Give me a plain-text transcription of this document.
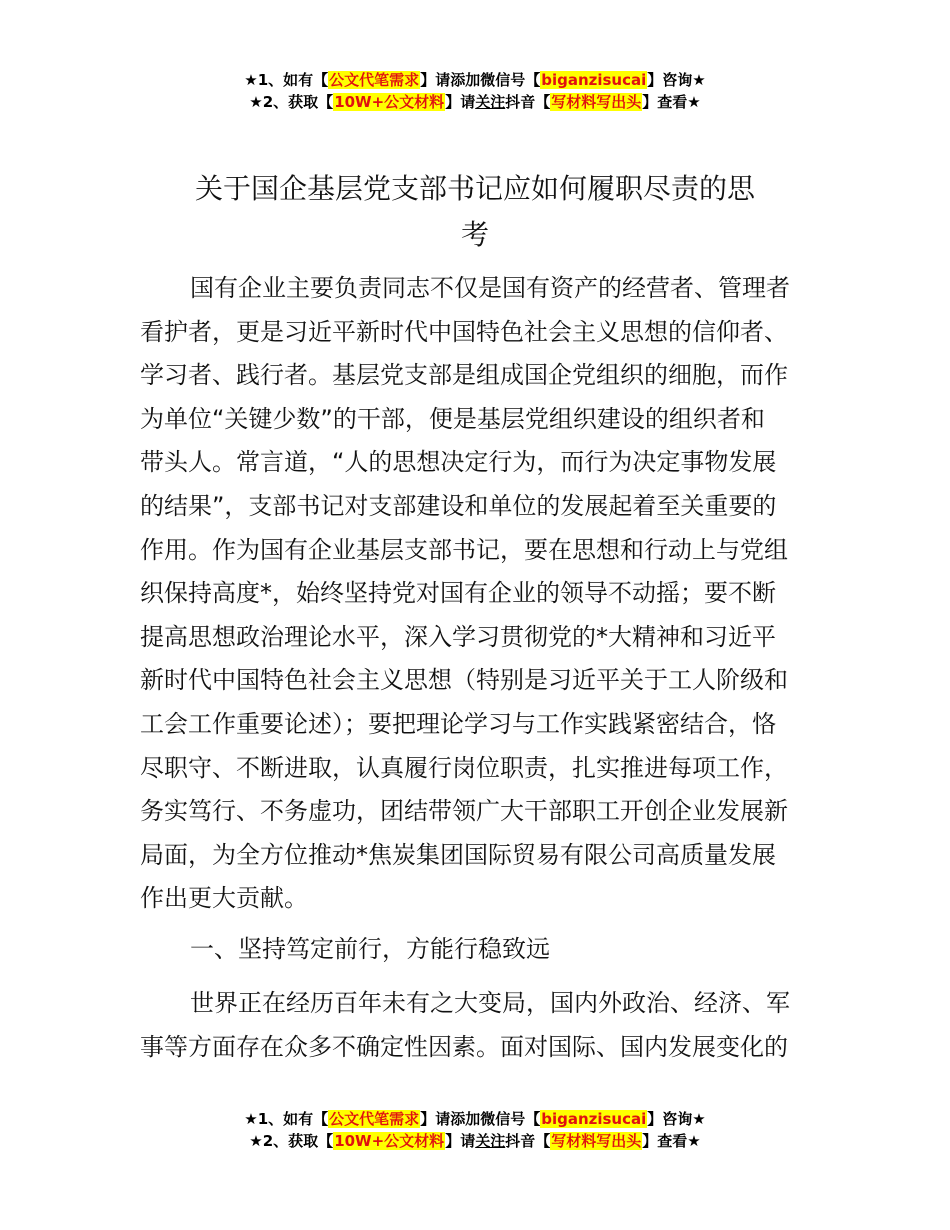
★1、如有【公文代笔需求】请添加微信号【biganzisucai】咨询★
★2、获取【10W+公文材料】请关注抖音【写材料写出头】查看★
关于国企基层党支部书记应如何履职尽责的思
考
国有企业主要负责同志不仅是国有资产的经营者、管理者
看护者，更是习近平新时代中国特色社会主义思想的信仰者、
学习者、践行者。基层党支部是组成国企党组织的细胞，而作
为单位“关键少数”的干部，便是基层党组织建设的组织者和
带头人。常言道，“人的思想决定行为，而行为决定事物发展
的结果”，支部书记对支部建设和单位的发展起着至关重要的
作用。作为国有企业基层支部书记，要在思想和行动上与党组
织保持高度*，始终坚持党对国有企业的领导不动摇；要不断
提高思想政治理论水平，深入学习贯彻党的*大精神和习近平
新时代中国特色社会主义思想（特别是习近平关于工人阶级和
工会工作重要论述）；要把理论学习与工作实践紧密结合，恪
尽职守、不断进取，认真履行岗位职责，扎实推进每项工作，
务实笃行、不务虚功，团结带领广大干部职工开创企业发展新
局面，为全方位推动*焦炭集团国际贸易有限公司高质量发展
作出更大贡献。
一、坚持笃定前行，方能行稳致远
世界正在经历百年未有之大变局，国内外政治、经济、军
事等方面存在众多不确定性因素。面对国际、国内发展变化的
★1、如有【公文代笔需求】请添加微信号【biganzisucai】咨询★
★2、获取【10W+公文材料】请关注抖音【写材料写出头】查看★
